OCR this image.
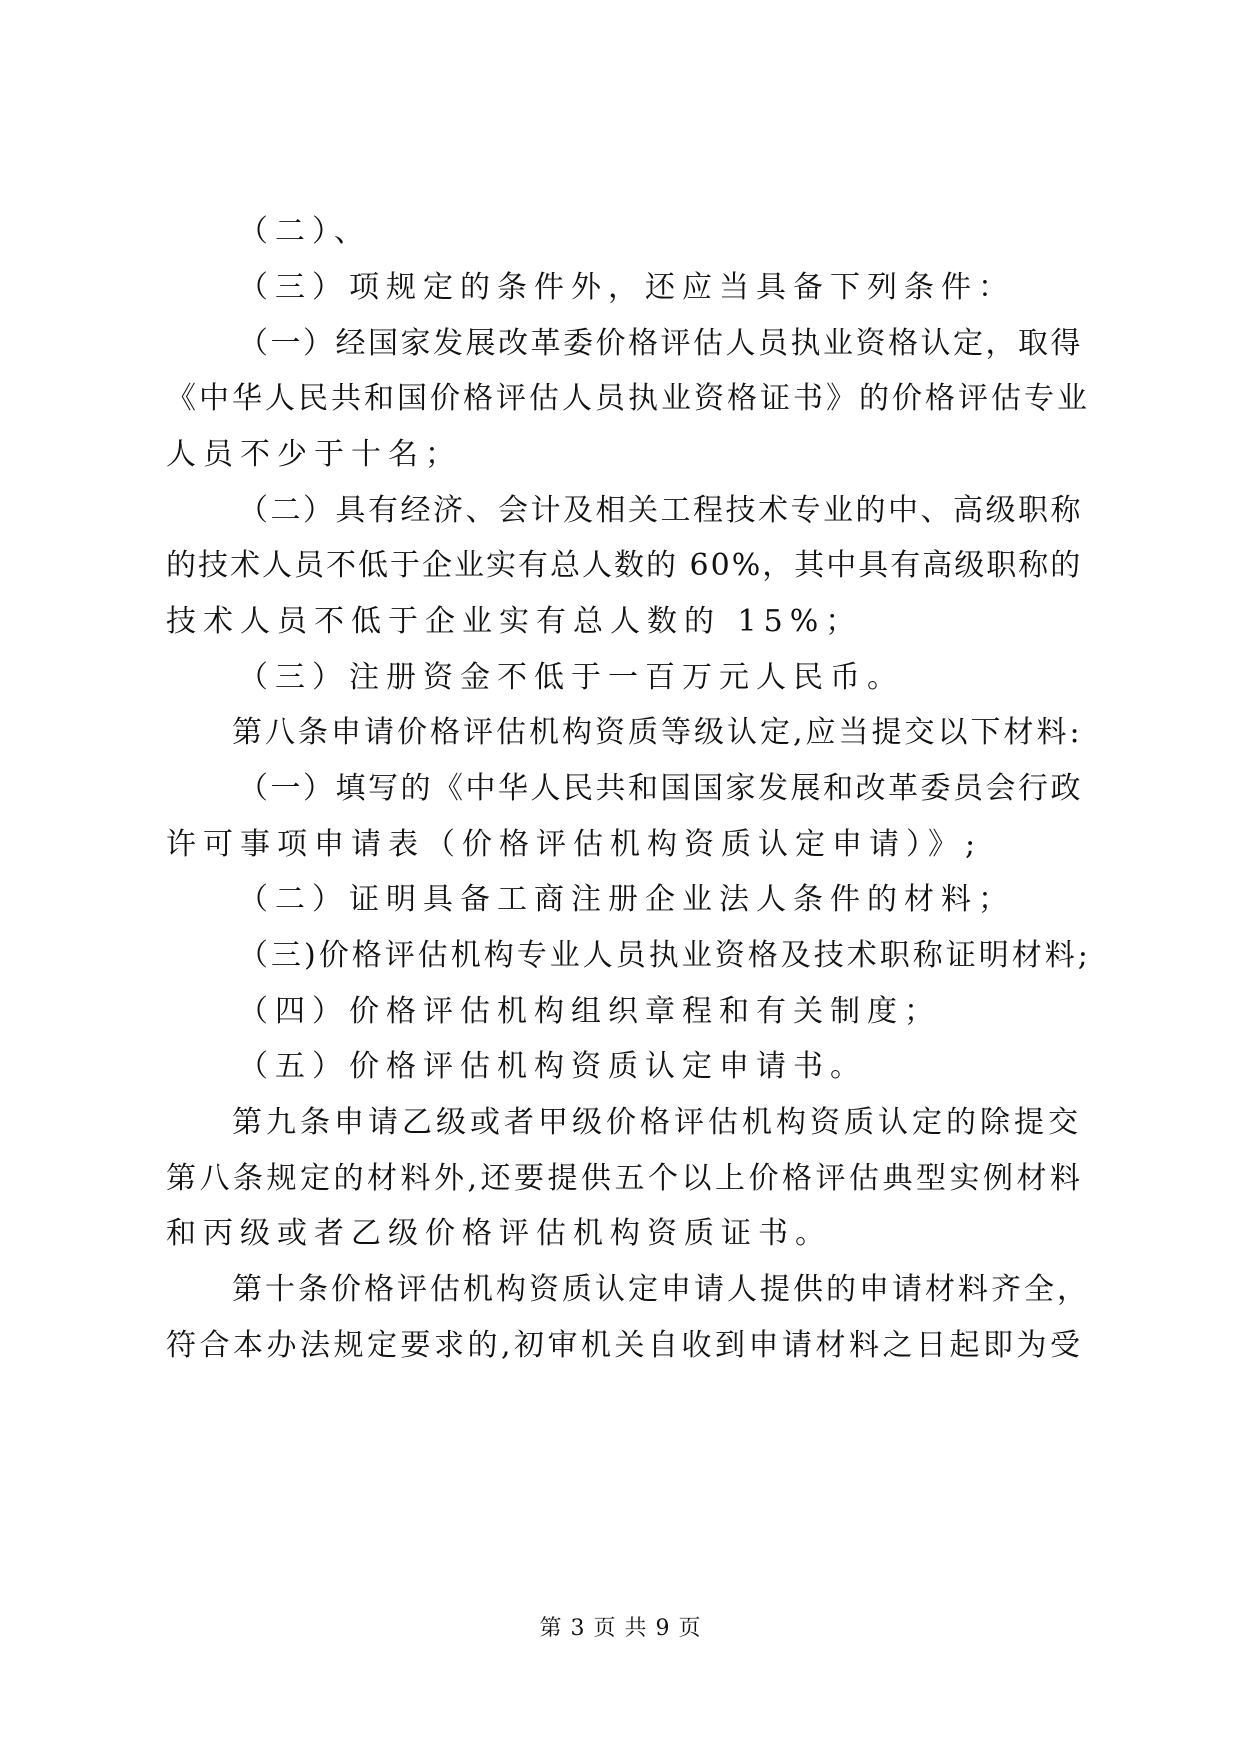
（二）、
（三）项规定的条件外，还应当具备下列条件：
（一）经国家发展改革委价格评估人员执业资格认定，取得
《中华人民共和国价格评估人员执业资格证书》的价格评估专业
人员不少于十名；
（二）具有经济、会计及相关工程技术专业的中、高级职称
的技术人员不低于企业实有总人数的 60%，其中具有高级职称的
技术人员不低于企业实有总人数的 15%；
（三）注册资金不低于一百万元人民币。
第八条申请价格评估机构资质等级认定,应当提交以下材料:
（一）填写的《中华人民共和国国家发展和改革委员会行政
许可事项申请表（价格评估机构资质认定申请）》;
（二）证明具备工商注册企业法人条件的材料；
（三)价格评估机构专业人员执业资格及技术职称证明材料;
（四）价格评估机构组织章程和有关制度；
（五）价格评估机构资质认定申请书。
第九条申请乙级或者甲级价格评估机构资质认定的除提交
第八条规定的材料外,还要提供五个以上价格评估典型实例材料
和丙级或者乙级价格评估机构资质证书。
第十条价格评估机构资质认定申请人提供的申请材料齐全，
符合本办法规定要求的,初审机关自收到申请材料之日起即为受
第 3 页 共 9 页
